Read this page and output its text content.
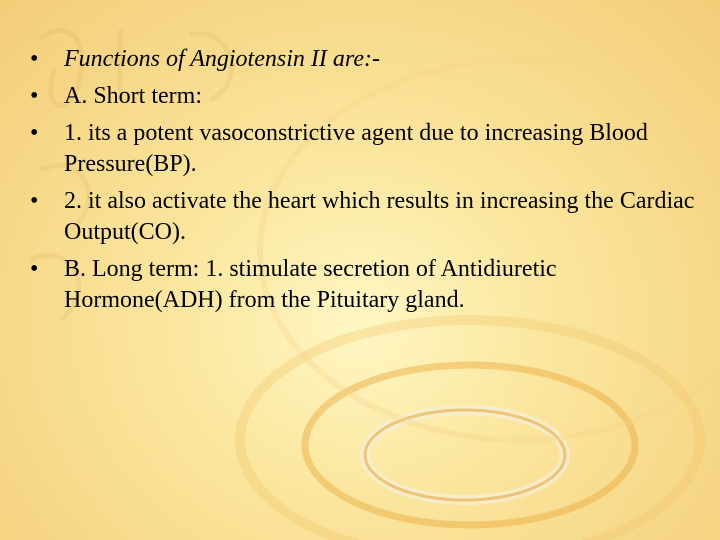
• Functions of Angiotensin II are:-
• A. Short term:
• 1. its a potent vasoconstrictive agent due to increasing Blood Pressure(BP).
• 2. it also activate the heart which results in increasing the Cardiac Output(CO).
• B. Long term: 1. stimulate secretion of Antidiuretic Hormone(ADH) from the Pituitary gland.
